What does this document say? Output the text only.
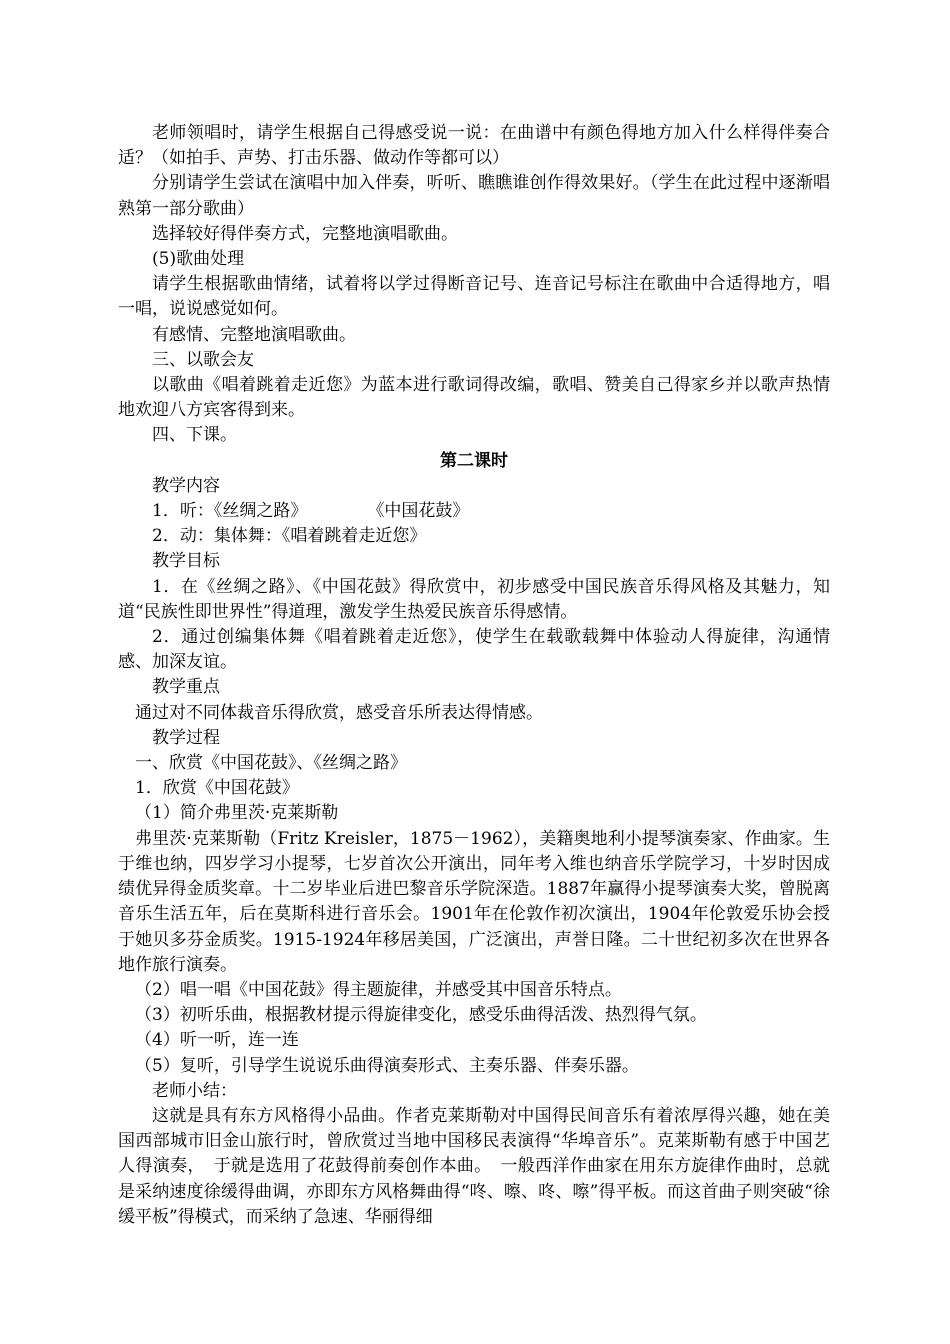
老师领唱时，请学生根据自己得感受说一说：在曲谱中有颜色得地方加入什么样得伴奏合适？（如拍手、声势、打击乐器、做动作等都可以）

分别请学生尝试在演唱中加入伴奏，听听、瞧瞧谁创作得效果好。（学生在此过程中逐渐唱熟第一部分歌曲）

选择较好得伴奏方式，完整地演唱歌曲。

(5)歌曲处理

请学生根据歌曲情绪，试着将以学过得断音记号、连音记号标注在歌曲中合适得地方，唱一唱，说说感觉如何。

有感情、完整地演唱歌曲。

三、以歌会友

以歌曲《唱着跳着走近您》为蓝本进行歌词得改编，歌唱、赞美自己得家乡并以歌声热情地欢迎八方宾客得到来。

四、下课。

第二课时

教学内容

1．听：《丝绸之路》	《中国花鼓》

2．动：集体舞：《唱着跳着走近您》

教学目标

1．在《丝绸之路》、《中国花鼓》得欣赏中，初步感受中国民族音乐得风格及其魅力，知道“民族性即世界性”得道理，激发学生热爱民族音乐得感情。

2．通过创编集体舞《唱着跳着走近您》，使学生在载歌载舞中体验动人得旋律，沟通情感、加深友谊。

教学重点

通过对不同体裁音乐得欣赏，感受音乐所表达得情感。

教学过程

一、欣赏《中国花鼓》、《丝绸之路》

1．欣赏《中国花鼓》

（1）简介弗里茨·克莱斯勒

弗里茨·克莱斯勒（Fritz Kreisler，1875－1962），美籍奥地利小提琴演奏家、作曲家。生于维也纳，四岁学习小提琴，七岁首次公开演出，同年考入维也纳音乐学院学习，十岁时因成绩优异得金质奖章。十二岁毕业后进巴黎音乐学院深造。1887年赢得小提琴演奏大奖，曾脱离音乐生活五年，后在莫斯科进行音乐会。1901年在伦敦作初次演出，1904年伦敦爱乐协会授于她贝多芬金质奖。1915-1924年移居美国，广泛演出，声誉日隆。二十世纪初多次在世界各地作旅行演奏。

（2）唱一唱《中国花鼓》得主题旋律，并感受其中国音乐特点。

（3）初听乐曲，根据教材提示得旋律变化，感受乐曲得活泼、热烈得气氛。

（4）听一听，连一连

（5）复听，引导学生说说乐曲得演奏形式、主奏乐器、伴奏乐器。

老师小结：

这就是具有东方风格得小品曲。作者克莱斯勒对中国得民间音乐有着浓厚得兴趣，她在美国西部城市旧金山旅行时，曾欣赏过当地中国移民表演得“华埠音乐”。克莱斯勒有感于中国艺人得演奏，　于就是选用了花鼓得前奏创作本曲。　一般西洋作曲家在用东方旋律作曲时，总就是采纳速度徐缓得曲调，亦即东方风格舞曲得“咚、嚓、咚、嚓”得平板。而这首曲子则突破“徐缓平板”得模式，而采纳了急速、华丽得细
